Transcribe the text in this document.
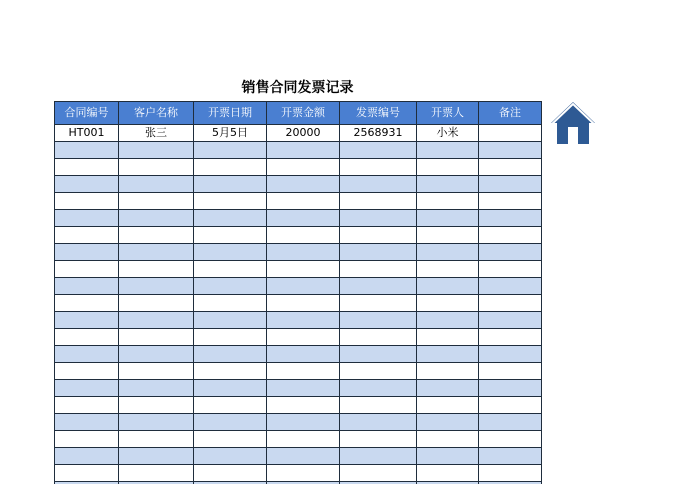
销售合同发票记录
合同编号	客户名称	开票日期	开票金额	发票编号	开票人	备注
HT001	张三	5月5日	20000	2568931	小米	
